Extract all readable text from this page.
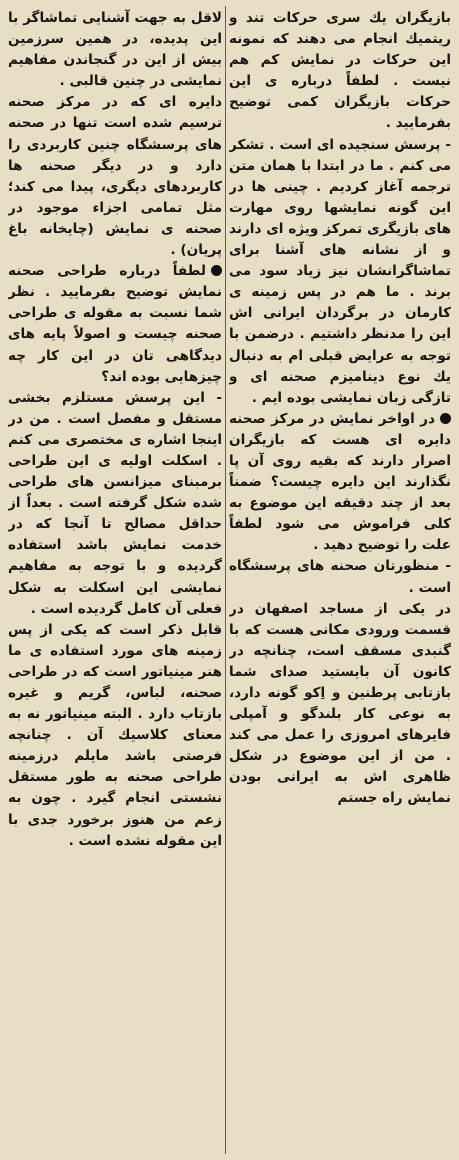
بازیگران یك سری حركات تند و ریتمیك انجام می دهند كه نمونه این حركات در نمایش كم هم نیست . لطفاً درباره ی این حركات بازیگران كمی توضیح بفرمایید .

- پرسش سنجیده ای است . تشکر می کنم . ما در ابتدا با همان متن ترجمه آغاز کردیم . چینی ها در این گونه نمایشها روی مهارت های بازیگری تمرکز ویژه ای دارند و از نشانه های آشنا برای تماشاگرانشان نیز زیاد سود می برند . ما هم در پس زمینه ی کارمان در برگردان ایرانی اش این را مدنظر داشتیم . درضمن با توجه به عرایض قبلی ام به دنبال یك نوع دینامیزم صحنه ای و تازگی زبان نمایشی بوده ایم .

در اواخر نمایش در مرکز صحنه دایره ای هست که بازیگران اصرار دارند که بقیه روی آن پا نگذارند این دایره چیست؟ ضمناً بعد از چند دقیقه این موضوع به کلی فراموش می شود لطفاً علت را توضیح دهید .

- منظورتان صحنه های پرسشگاه است .

در یکی از مساجد اصفهان در قسمت ورودی مکانی هست که با گنبدی مسقف است، چنانچه در کانون آن بایستید صدای شما بازتابی پرطنین و اِکو گونه دارد، به نوعی کار بلندگو و آمپلی فایرهای امروزی را عمل می کند . من از این موضوع در شکل ظاهری اش به ایرانی بودن نمایش راه جستم

لاقل به جهت آشنایی تماشاگر با این پدیده، در همین سرزمین بیش از این در گنجاندن مفاهیم نمایشی در چنین قالبی .

دایره ای که در مرکز صحنه ترسیم شده است تنها در صحنه های پرسشگاه چنین کاربردی را دارد و در دیگر صحنه ها کاربردهای دیگری، پیدا می کند؛ مثل تمامی اجزاء موجود در صحنه ی نمایش (چایخانه باغ پریان) .

لطفاً درباره طراحی صحنه نمایش توضیح بفرمایید . نظر شما نسبت به مقوله ی طراحی صحنه چیست و اصولاً پایه های دیدگاهی تان در این کار چه چیزهایی بوده اند؟

- این پرسش مستلزم بخشی مستقل و مفصل است . من در اینجا اشاره ی مختصری می کنم . اسکلت اولیه ی این طراحی برمبنای میزانسن های طراحی شده شکل گرفته است . بعداً از حداقل مصالح تا آنجا که در خدمت نمایش باشد استفاده گردیده و با توجه به مفاهیم نمایشی این اسکلت به شکل فعلی آن کامل گردیده است .

قابل ذکر است که یکی از پس زمینه های مورد استفاده ی ما هنر مینیاتور است که در طراحی صحنه، لباس، گریم و غیره بازتاب دارد . البته مینیاتور نه به معنای کلاسیك آن . چنانچه فرصتی باشد مایلم درزمینه طراحی صحنه به طور مستقل نشستی انجام گیرد . چون به زعم من هنوز برخورد جدی با این مقوله نشده است .
